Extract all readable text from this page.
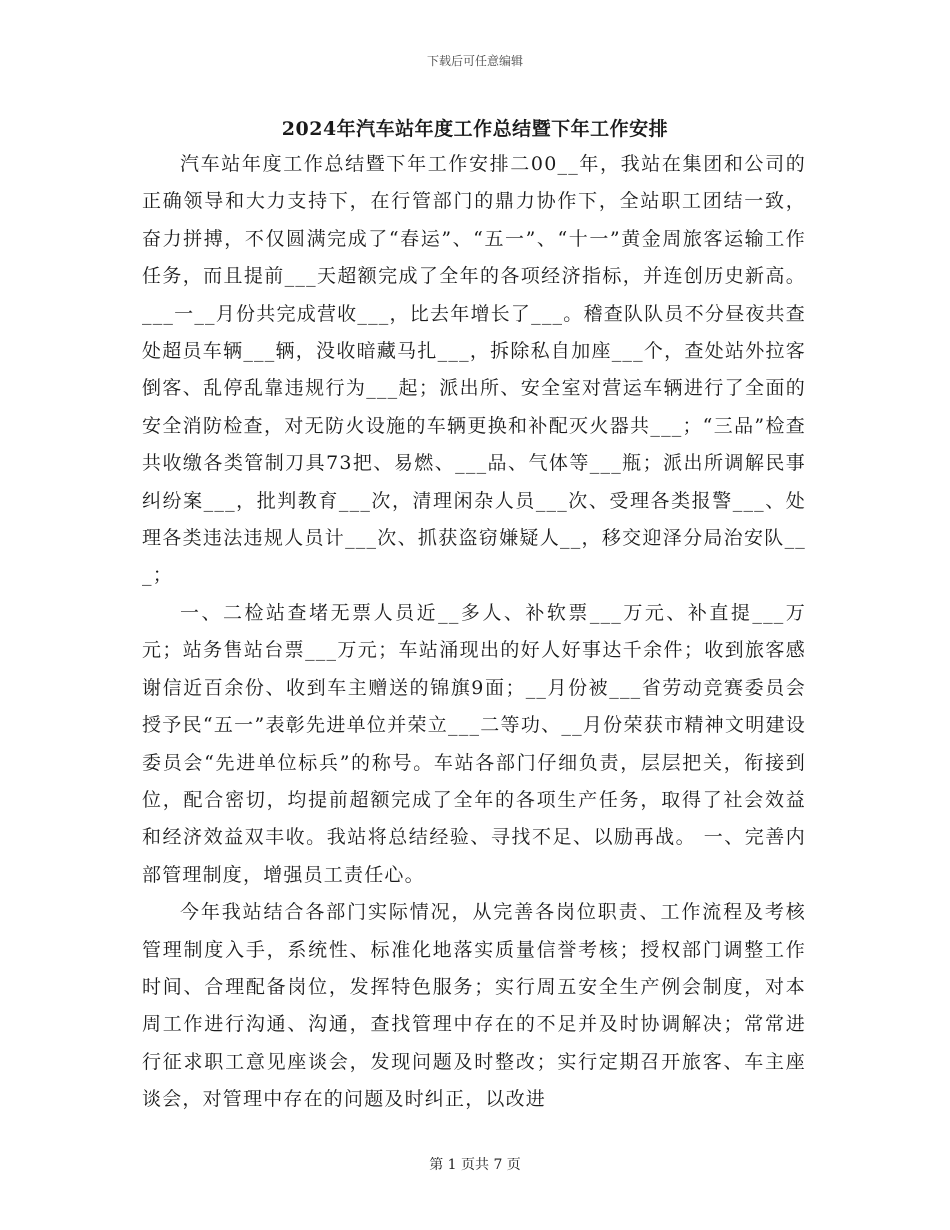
下载后可任意编辑
2024年汽车站年度工作总结暨下年工作安排

汽车站年度工作总结暨下年工作安排二00__年，我站在集团和公司的正确领导和大力支持下，在行管部门的鼎力协作下，全站职工团结一致，奋力拼搏，不仅圆满完成了“春运”、“五一”、“十一”黄金周旅客运输工作任务，而且提前___天超额完成了全年的各项经济指标，并连创历史新高。___一__月份共完成营收___，比去年增长了___。稽查队队员不分昼夜共查处超员车辆___辆，没收暗藏马扎___，拆除私自加座___个，查处站外拉客倒客、乱停乱靠违规行为___起；派出所、安全室对营运车辆进行了全面的安全消防检查，对无防火设施的车辆更换和补配灭火器共___；“三品”检查共收缴各类管制刀具73把、易燃、___品、气体等___瓶；派出所调解民事纠纷案___，批判教育___次，清理闲杂人员___次、受理各类报警___、处理各类违法违规人员计___次、抓获盗窃嫌疑人__，移交迎泽分局治安队___；

一、二检站查堵无票人员近__多人、补软票___万元、补直提___万元；站务售站台票___万元；车站涌现出的好人好事达千余件；收到旅客感谢信近百余份、收到车主赠送的锦旗9面；__月份被___省劳动竞赛委员会授予民“五一”表彰先进单位并荣立___二等功、__月份荣获市精神文明建设委员会“先进单位标兵”的称号。车站各部门仔细负责，层层把关，衔接到位，配合密切，均提前超额完成了全年的各项生产任务，取得了社会效益和经济效益双丰收。我站将总结经验、寻找不足、以励再战。 一、完善内部管理制度，增强员工责任心。

今年我站结合各部门实际情况，从完善各岗位职责、工作流程及考核管理制度入手，系统性、标准化地落实质量信誉考核；授权部门调整工作时间、合理配备岗位，发挥特色服务；实行周五安全生产例会制度，对本周工作进行沟通、沟通，查找管理中存在的不足并及时协调解决；常常进行征求职工意见座谈会，发现问题及时整改；实行定期召开旅客、车主座谈会，对管理中存在的问题及时纠正，以改进

第 1 页共 7 页
